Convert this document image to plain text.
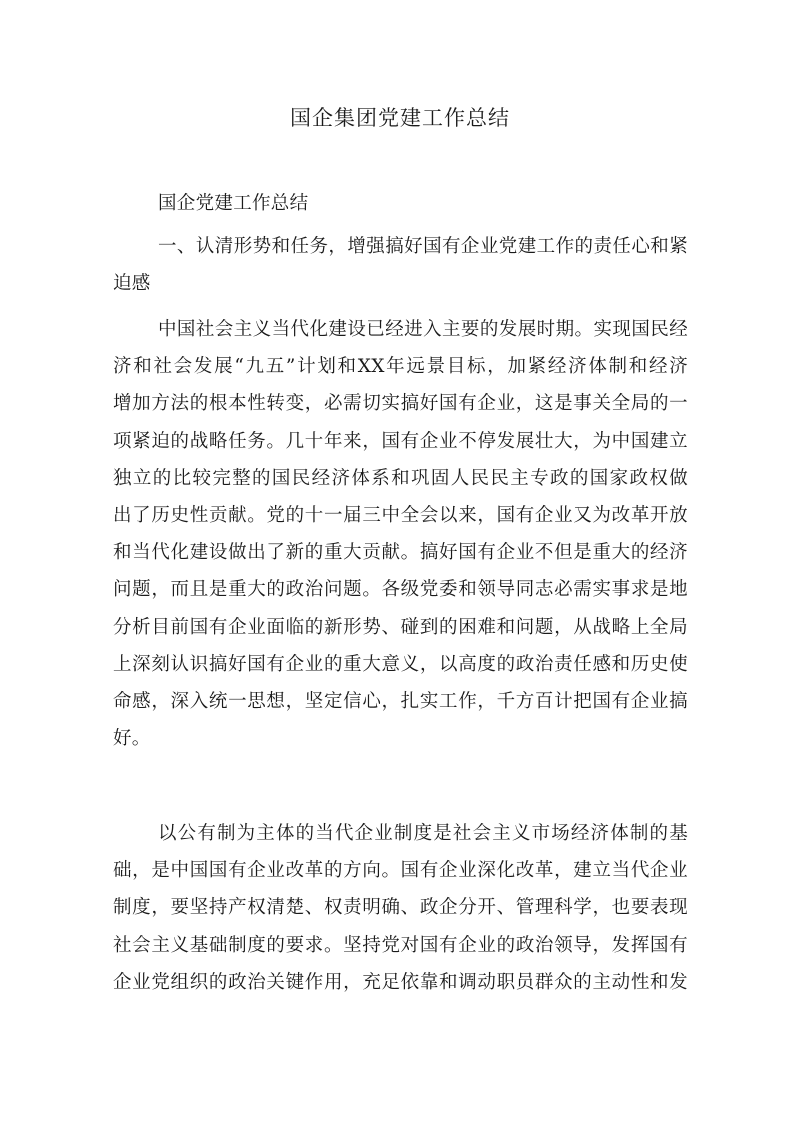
国企集团党建工作总结
国企党建工作总结
一、认清形势和任务，增强搞好国有企业党建工作的责任心和紧
迫感
中国社会主义当代化建设已经进入主要的发展时期。实现国民经
济和社会发展“九五”计划和XX年远景目标，加紧经济体制和经济
增加方法的根本性转变，必需切实搞好国有企业，这是事关全局的一
项紧迫的战略任务。几十年来，国有企业不停发展壮大，为中国建立
独立的比较完整的国民经济体系和巩固人民民主专政的国家政权做
出了历史性贡献。党的十一届三中全会以来，国有企业又为改革开放
和当代化建设做出了新的重大贡献。搞好国有企业不但是重大的经济
问题，而且是重大的政治问题。各级党委和领导同志必需实事求是地
分析目前国有企业面临的新形势、碰到的困难和问题，从战略上全局
上深刻认识搞好国有企业的重大意义，以高度的政治责任感和历史使
命感，深入统一思想，坚定信心，扎实工作，千方百计把国有企业搞
好。
以公有制为主体的当代企业制度是社会主义市场经济体制的基
础，是中国国有企业改革的方向。国有企业深化改革，建立当代企业
制度，要坚持产权清楚、权责明确、政企分开、管理科学，也要表现
社会主义基础制度的要求。坚持党对国有企业的政治领导，发挥国有
企业党组织的政治关键作用，充足依靠和调动职员群众的主动性和发
